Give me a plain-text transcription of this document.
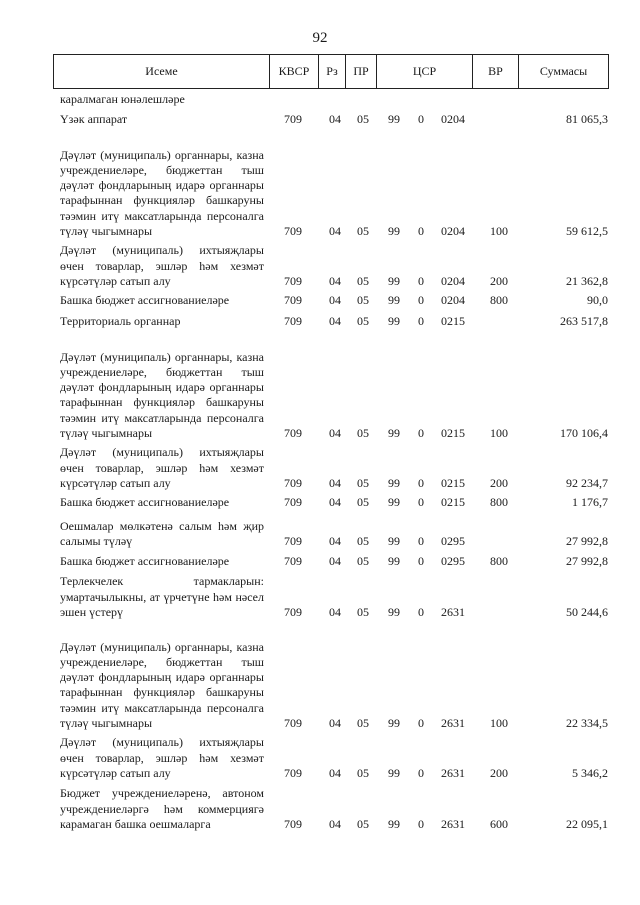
92
Исеме	КВСР	Рз	ПР	ЦСР	ВР	Суммасы
каралмаган юнәлешләре
Үзәк аппарат	709 04 05 99 0 0204	81 065,3
Дәүләт (муниципаль) органнары, казна учреждениеләре, бюджеттан тыш дәүләт фондларының идарә органнары тарафыннан функцияләр башкаруны тәэмин итү максатларында персоналга түләү чыгымнары	709 04 05 99 0 0204 100	59 612,5
Дәүләт (муниципаль) ихтыяҗлары өчен товарлар, эшләр һәм хезмәт күрсәтүләр сатып алу	709 04 05 99 0 0204 200	21 362,8
Башка бюджет ассигнованиеләре	709 04 05 99 0 0204 800	90,0
Территориаль органнар	709 04 05 99 0 0215	263 517,8
Дәүләт (муниципаль) органнары, казна учреждениеләре, бюджеттан тыш дәүләт фондларының идарә органнары тарафыннан функцияләр башкаруны тәэмин итү максатларында персоналга түләү чыгымнары	709 04 05 99 0 0215 100	170 106,4
Дәүләт (муниципаль) ихтыяҗлары өчен товарлар, эшләр һәм хезмәт күрсәтүләр сатып алу	709 04 05 99 0 0215 200	92 234,7
Башка бюджет ассигнованиеләре	709 04 05 99 0 0215 800	1 176,7
Оешмалар мөлкәтенә салым һәм җир салымы түләү	709 04 05 99 0 0295	27 992,8
Башка бюджет ассигнованиеләре	709 04 05 99 0 0295 800	27 992,8
Терлекчелек тармакларын: умартачылыкны, ат үрчетүне һәм нәсел эшен үстерү	709 04 05 99 0 2631	50 244,6
Дәүләт (муниципаль) органнары, казна учреждениеләре, бюджеттан тыш дәүләт фондларының идарә органнары тарафыннан функцияләр башкаруны тәэмин итү максатларында персоналга түләү чыгымнары	709 04 05 99 0 2631 100	22 334,5
Дәүләт (муниципаль) ихтыяҗлары өчен товарлар, эшләр һәм хезмәт күрсәтүләр сатып алу	709 04 05 99 0 2631 200	5 346,2
Бюджет учреждениеләренә, автоном учреждениеләргә һәм коммерциягә карамаган башка оешмаларга	709 04 05 99 0 2631 600	22 095,1
